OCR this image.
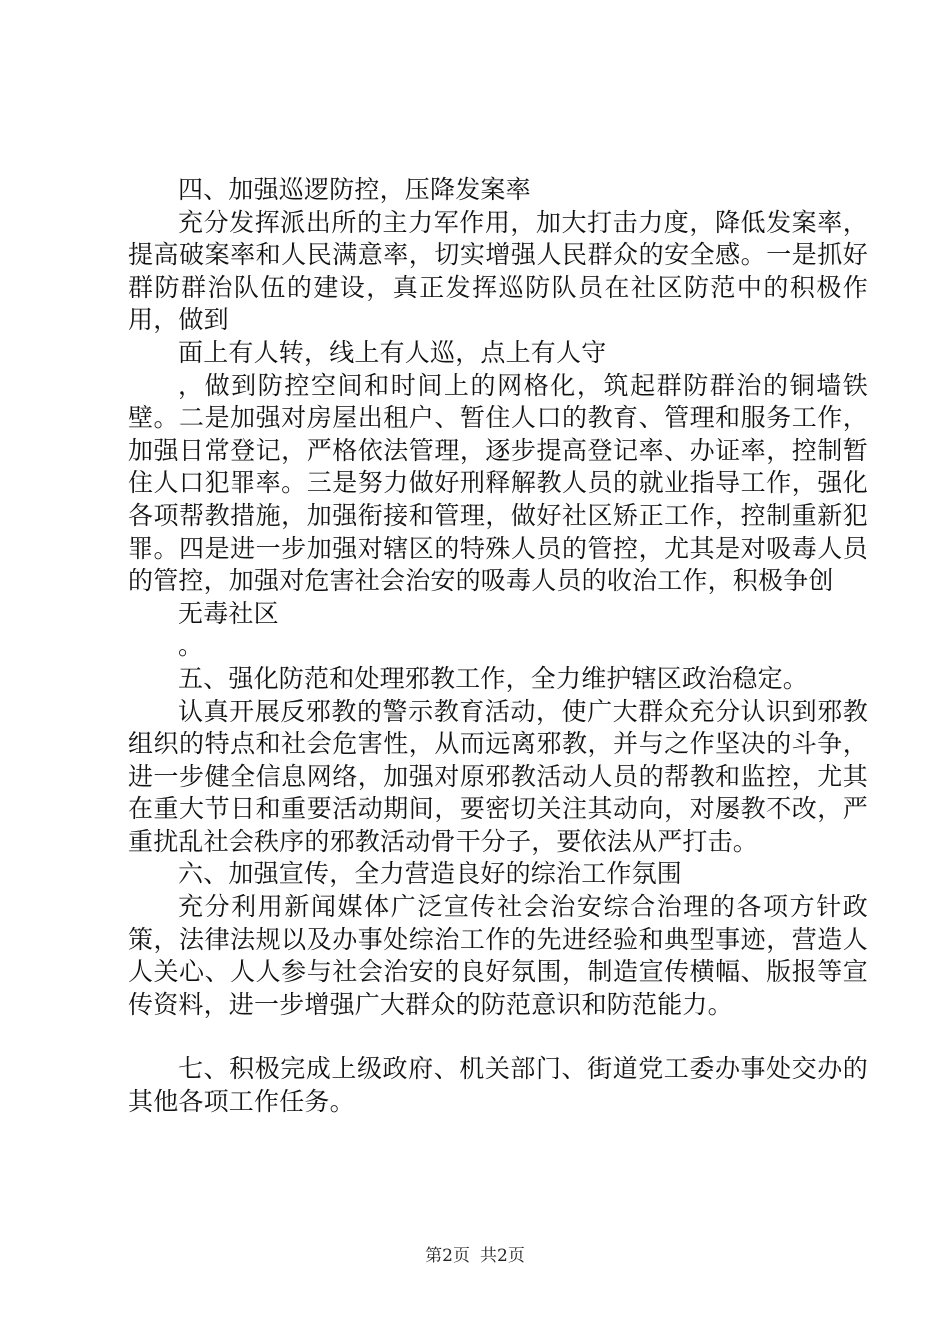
四、加强巡逻防控，压降发案率

充分发挥派出所的主力军作用，加大打击力度，降低发案率，提高破案率和人民满意率，切实增强人民群众的安全感。一是抓好群防群治队伍的建设，真正发挥巡防队员在社区防范中的积极作用，做到

面上有人转，线上有人巡，点上有人守

，做到防控空间和时间上的网格化，筑起群防群治的铜墙铁壁。二是加强对房屋出租户、暂住人口的教育、管理和服务工作，加强日常登记，严格依法管理，逐步提高登记率、办证率，控制暂住人口犯罪率。三是努力做好刑释解教人员的就业指导工作，强化各项帮教措施，加强衔接和管理，做好社区矫正工作，控制重新犯罪。四是进一步加强对辖区的特殊人员的管控，尤其是对吸毒人员的管控，加强对危害社会治安的吸毒人员的收治工作，积极争创

无毒社区

。

五、强化防范和处理邪教工作，全力维护辖区政治稳定。

认真开展反邪教的警示教育活动，使广大群众充分认识到邪教组织的特点和社会危害性，从而远离邪教，并与之作坚决的斗争，进一步健全信息网络，加强对原邪教活动人员的帮教和监控，尤其在重大节日和重要活动期间，要密切关注其动向，对屡教不改，严重扰乱社会秩序的邪教活动骨干分子，要依法从严打击。

六、加强宣传，全力营造良好的综治工作氛围

充分利用新闻媒体广泛宣传社会治安综合治理的各项方针政策，法律法规以及办事处综治工作的先进经验和典型事迹，营造人人关心、人人参与社会治安的良好氛围，制造宣传横幅、版报等宣传资料，进一步增强广大群众的防范意识和防范能力。

七、积极完成上级政府、机关部门、街道党工委办事处交办的其他各项工作任务。

第2页 共2页
